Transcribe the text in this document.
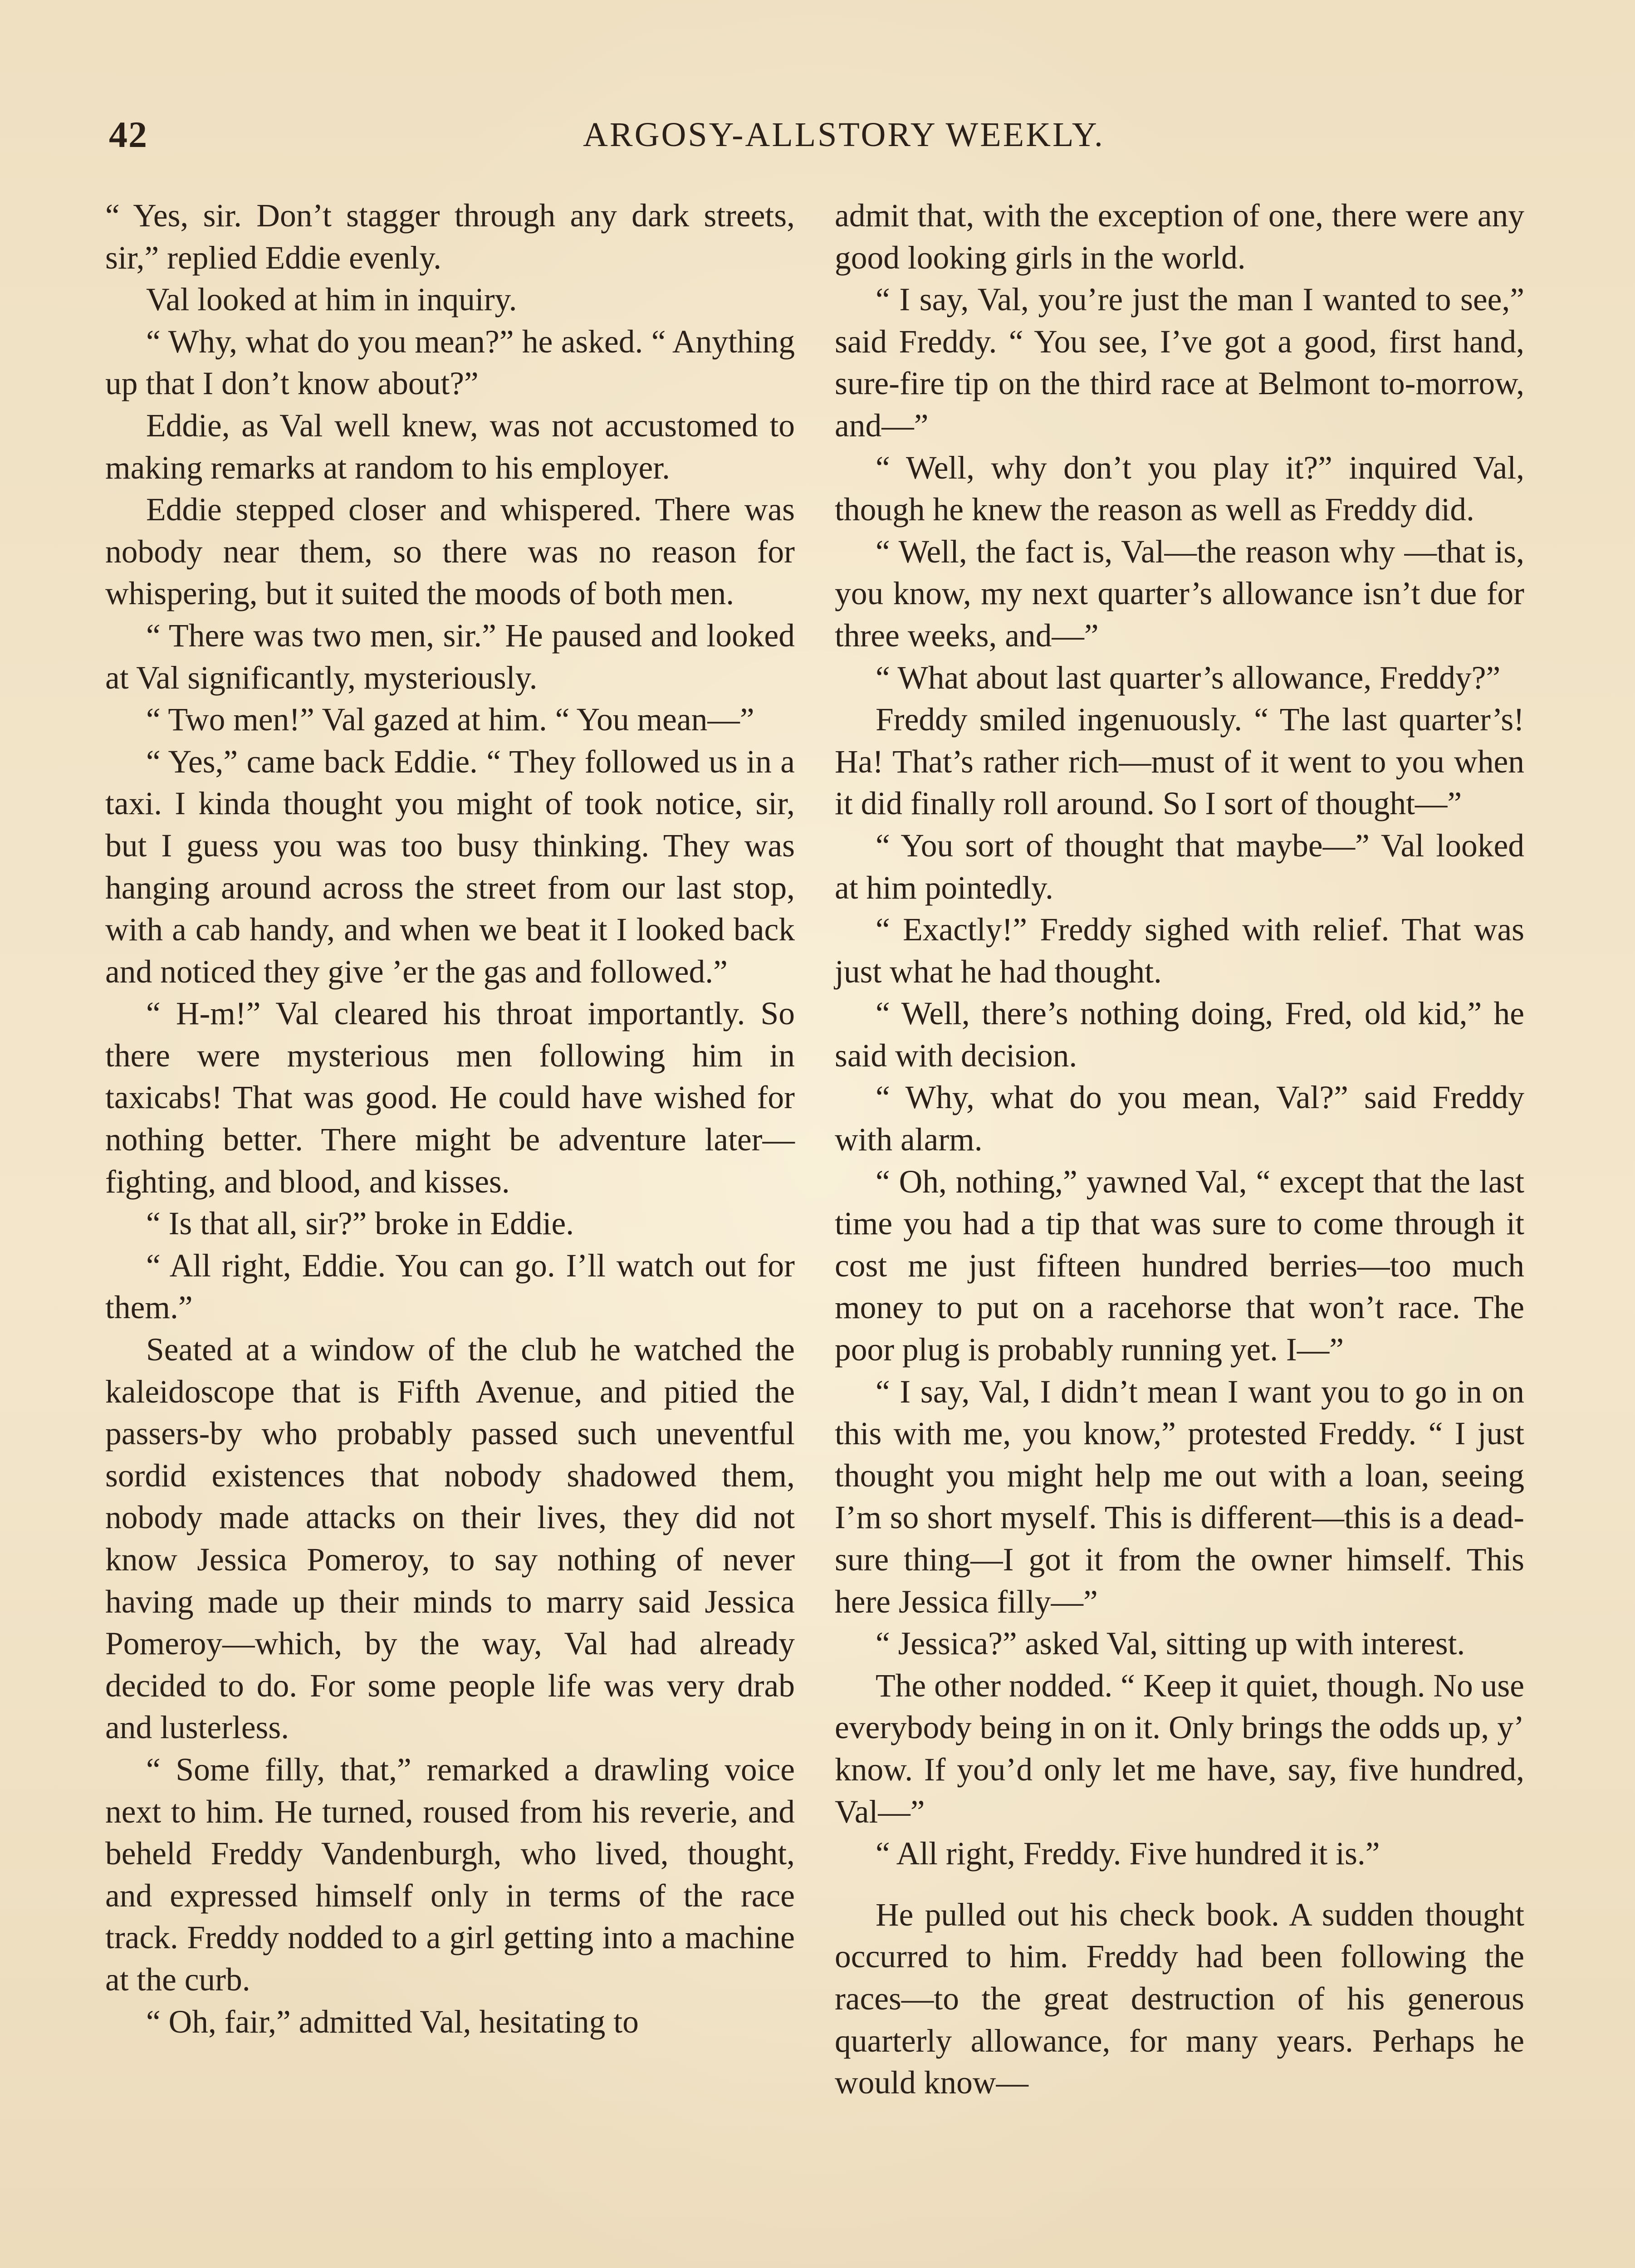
42	ARGOSY-ALLSTORY WEEKLY.

“ Yes, sir. Don’t stagger through any dark streets, sir,” replied Eddie evenly.

Val looked at him in inquiry.

“ Why, what do you mean?” he asked. “ Anything up that I don’t know about?”

Eddie, as Val well knew, was not accustomed to making remarks at random to his employer.

Eddie stepped closer and whispered. There was nobody near them, so there was no reason for whispering, but it suited the moods of both men.

“ There was two men, sir.” He paused and looked at Val significantly, mysteriously.

“ Two men!” Val gazed at him. “ You mean—”

“ Yes,” came back Eddie. “ They followed us in a taxi. I kinda thought you might of took notice, sir, but I guess you was too busy thinking. They was hanging around across the street from our last stop, with a cab handy, and when we beat it I looked back and noticed they give ’er the gas and followed.”

“ H-m!” Val cleared his throat importantly. So there were mysterious men following him in taxicabs! That was good. He could have wished for nothing better. There might be adventure later—fighting, and blood, and kisses.

“ Is that all, sir?” broke in Eddie.

“ All right, Eddie. You can go. I’ll watch out for them.”

Seated at a window of the club he watched the kaleidoscope that is Fifth Avenue, and pitied the passers-by who probably passed such uneventful sordid existences that nobody shadowed them, nobody made attacks on their lives, they did not know Jessica Pomeroy, to say nothing of never having made up their minds to marry said Jessica Pomeroy—which, by the way, Val had already decided to do. For some people life was very drab and lusterless.

“ Some filly, that,” remarked a drawling voice next to him. He turned, roused from his reverie, and beheld Freddy Vandenburgh, who lived, thought, and expressed himself only in terms of the race track. Freddy nodded to a girl getting into a machine at the curb.

“ Oh, fair,” admitted Val, hesitating to

admit that, with the exception of one, there were any good looking girls in the world.

“ I say, Val, you’re just the man I wanted to see,” said Freddy. “ You see, I’ve got a good, first hand, sure-fire tip on the third race at Belmont to-morrow, and—”

“ Well, why don’t you play it?” inquired Val, though he knew the reason as well as Freddy did.

“ Well, the fact is, Val—the reason why —that is, you know, my next quarter’s allowance isn’t due for three weeks, and—”

“ What about last quarter’s allowance, Freddy?”

Freddy smiled ingenuously. “ The last quarter’s! Ha! That’s rather rich—must of it went to you when it did finally roll around. So I sort of thought—”

“ You sort of thought that maybe—” Val looked at him pointedly.

“ Exactly!” Freddy sighed with relief. That was just what he had thought.

“ Well, there’s nothing doing, Fred, old kid,” he said with decision.

“ Why, what do you mean, Val?” said Freddy with alarm.

“ Oh, nothing,” yawned Val, “ except that the last time you had a tip that was sure to come through it cost me just fifteen hundred berries—too much money to put on a racehorse that won’t race. The poor plug is probably running yet. I—”

“ I say, Val, I didn’t mean I want you to go in on this with me, you know,” protested Freddy. “ I just thought you might help me out with a loan, seeing I’m so short myself. This is different—this is a dead-sure thing—I got it from the owner himself. This here Jessica filly—”

“ Jessica?” asked Val, sitting up with interest.

The other nodded. “ Keep it quiet, though. No use everybody being in on it. Only brings the odds up, y’ know. If you’d only let me have, say, five hundred, Val—”

“ All right, Freddy. Five hundred it is.”

He pulled out his check book. A sudden thought occurred to him. Freddy had been following the races—to the great destruction of his generous quarterly allowance, for many years. Perhaps he would know—
